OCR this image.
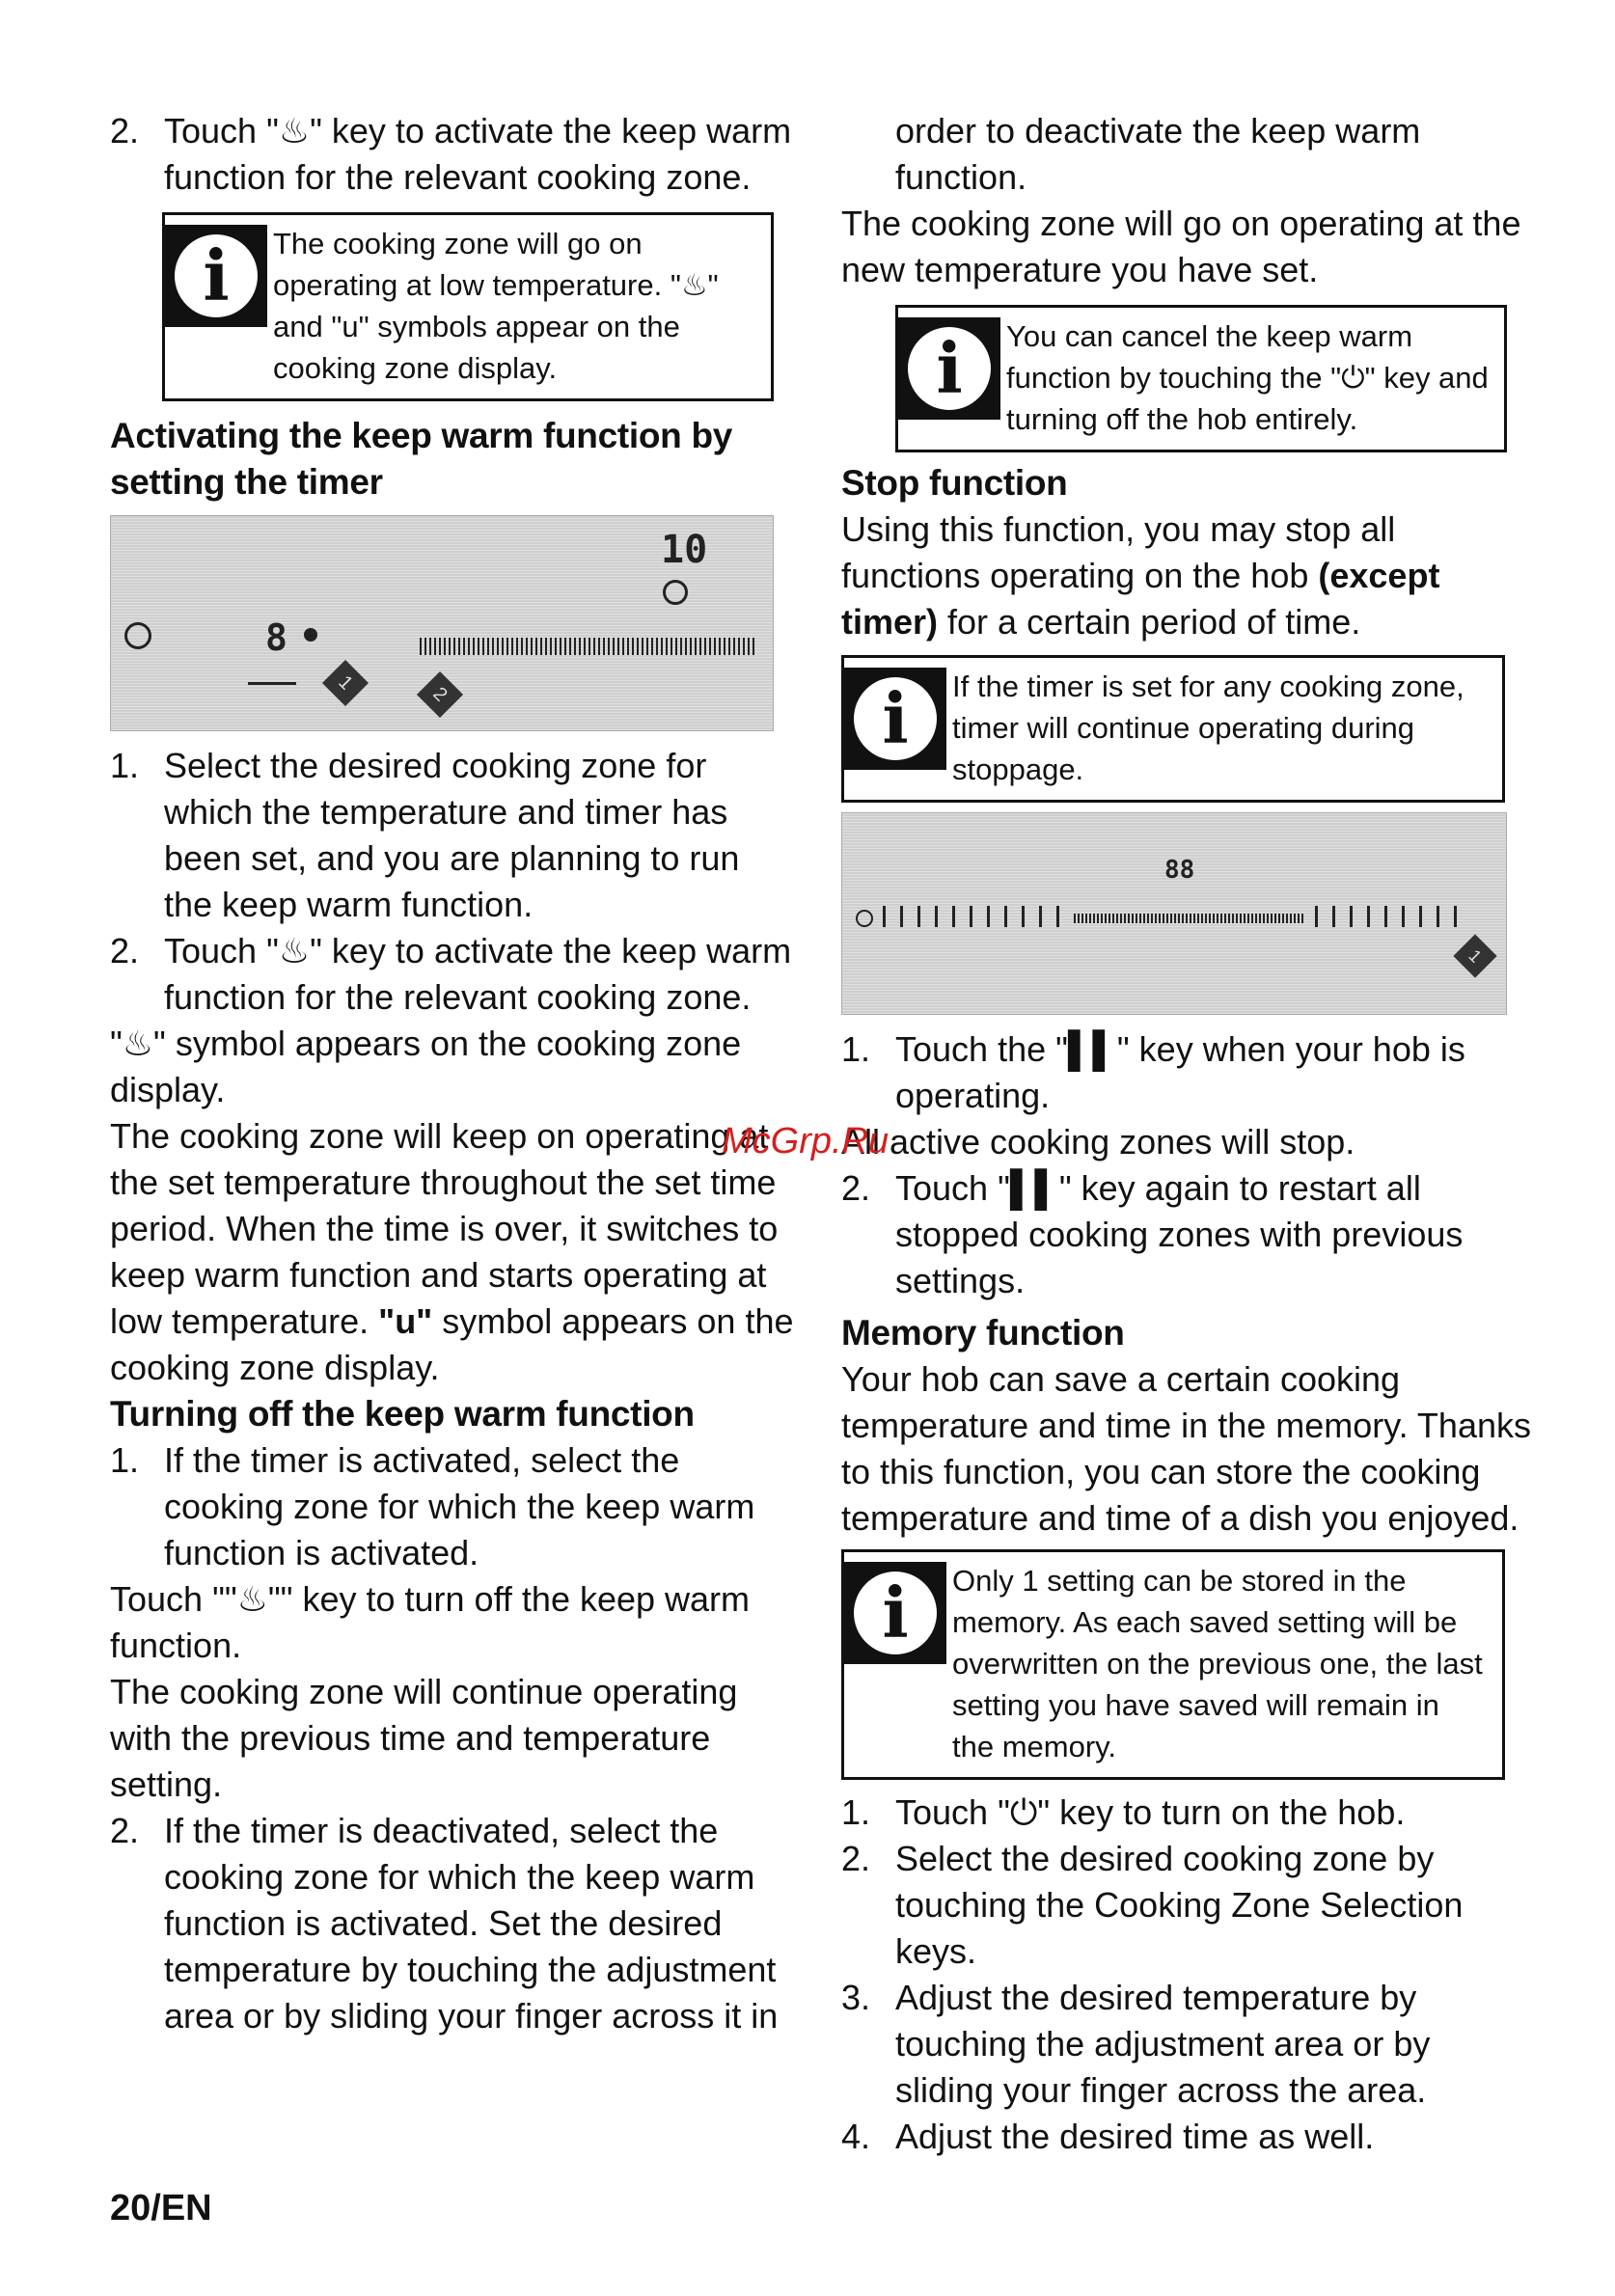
2. Touch "♨" key to activate the keep warm function for the relevant cooking zone.
i	The cooking zone will go on operating at low temperature. "♨" and "u" symbols appear on the cooking zone display.

Activating the keep warm function by setting the timer
10
8
1
2
1. Select the desired cooking zone for which the temperature and timer has been set, and you are planning to run the keep warm function.
2. Touch "♨" key to activate the keep warm function for the relevant cooking zone.

"♨" symbol appears on the cooking zone display.

The cooking zone will keep on operating at the set temperature throughout the set time period. When the time is over, it switches to keep warm function and starts operating at low temperature. "u" symbol appears on the cooking zone display.

Turning off the keep warm function
1. If the timer is activated, select the cooking zone for which the keep warm function is activated.

Touch ""♨"" key to turn off the keep warm function.

The cooking zone will continue operating with the previous time and temperature setting.

2. If the timer is deactivated, select the cooking zone for which the keep warm function is activated. Set the desired temperature by touching the adjustment area or by sliding your finger across it in
order to deactivate the keep warm function.

The cooking zone will go on operating at the new temperature you have set.

i	You can cancel the keep warm function by touching the "⏻" key and turning off the hob entirely.

Stop function

Using this function, you may stop all functions operating on the hob (except timer) for a certain period of time.

i	If the timer is set for any cooking zone, timer will continue operating during stoppage.

88
1
1. Touch the "▌▌" key when your hob is operating.

All active cooking zones will stop.

2. Touch "▌▌" key again to restart all stopped cooking zones with previous settings.
Memory function

Your hob can save a certain cooking temperature and time in the memory. Thanks to this function, you can store the cooking temperature and time of a dish you enjoyed.

i	Only 1 setting can be stored in the memory. As each saved setting will be overwritten on the previous one, the last setting you have saved will remain in the memory.

1. Touch "⏻" key to turn on the hob.
2. Select the desired cooking zone by touching the Cooking Zone Selection keys.
3. Adjust the desired temperature by touching the adjustment area or by sliding your finger across the area.
4. Adjust the desired time as well.
McGrp.Ru
20/EN
